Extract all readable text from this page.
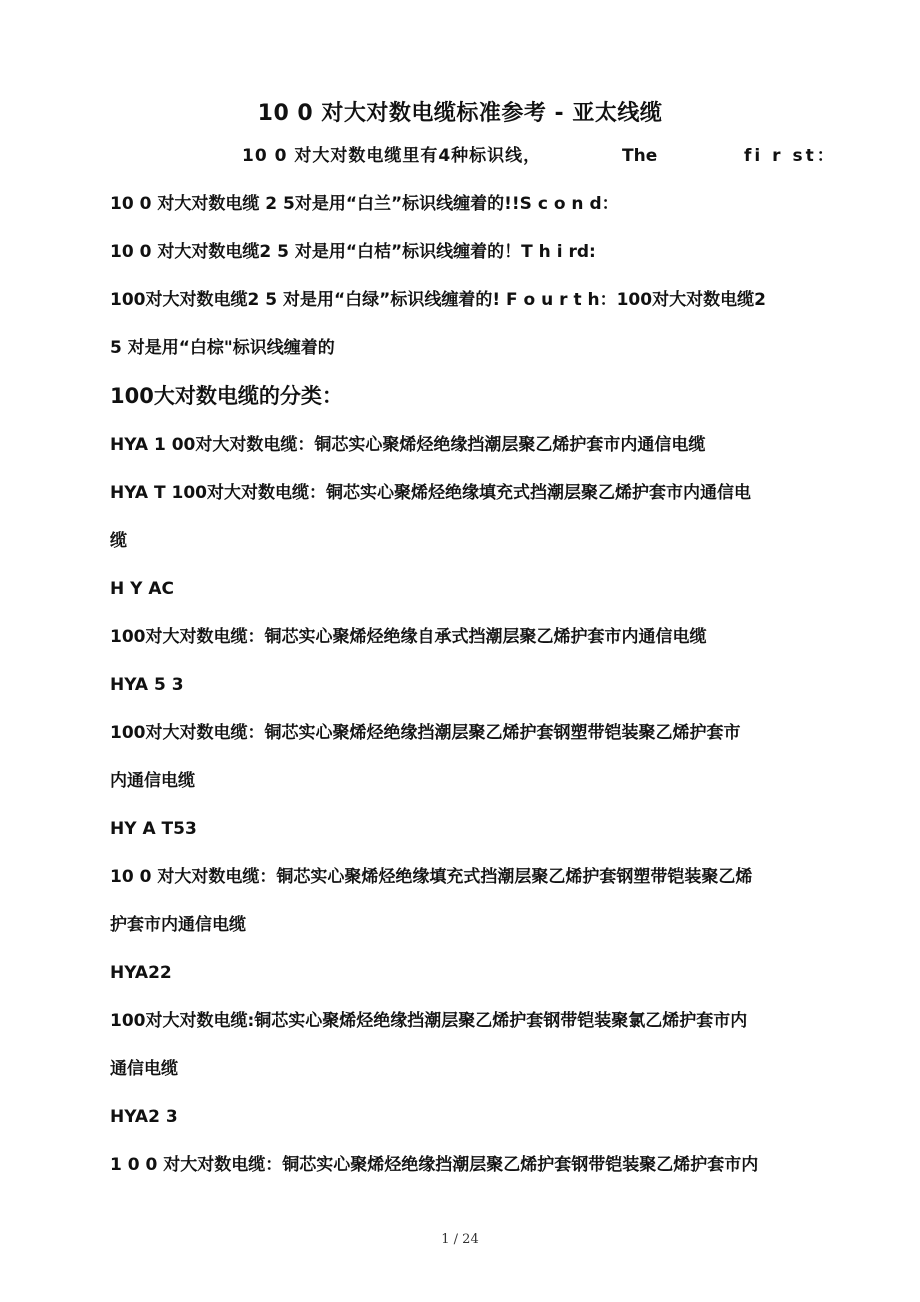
10 0 对大对数电缆标准参考 - 亚太线缆
10 0 对大对数电缆里有4种标识线，	The	fi r st：
10 0 对大对数电缆 2 5对是用“白兰”标识线缠着的!!S c o n d：
10 0 对大对数电缆2 5 对是用“白桔”标识线缠着的！T h i rd:
100对大对数电缆2 5 对是用“白绿”标识线缠着的! F o u r t h：100对大对数电缆2
5 对是用“白棕"标识线缠着的
100大对数电缆的分类：
HYA 1 00对大对数电缆：铜芯实心聚烯烃绝缘挡潮层聚乙烯护套市内通信电缆
HYA T 100对大对数电缆：铜芯实心聚烯烃绝缘填充式挡潮层聚乙烯护套市内通信电
缆
H Y AC
100对大对数电缆：铜芯实心聚烯烃绝缘自承式挡潮层聚乙烯护套市内通信电缆
HYA 5 3
100对大对数电缆：铜芯实心聚烯烃绝缘挡潮层聚乙烯护套钢塑带铠装聚乙烯护套市
内通信电缆
HY A T53
10 0 对大对数电缆：铜芯实心聚烯烃绝缘填充式挡潮层聚乙烯护套钢塑带铠装聚乙烯
护套市内通信电缆
HYA22
100对大对数电缆:铜芯实心聚烯烃绝缘挡潮层聚乙烯护套钢带铠装聚氯乙烯护套市内
通信电缆
HYA2 3
1 0 0 对大对数电缆：铜芯实心聚烯烃绝缘挡潮层聚乙烯护套钢带铠装聚乙烯护套市内
1 / 24
